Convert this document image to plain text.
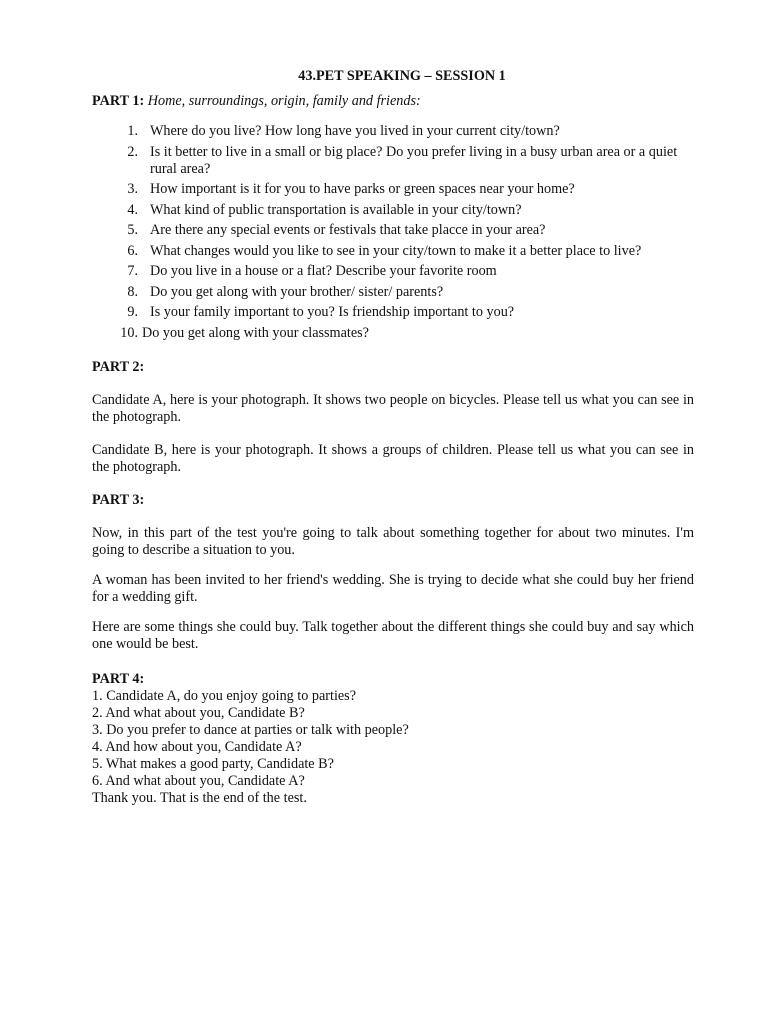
43.PET SPEAKING – SESSION 1

PART 1: Home, surroundings, origin, family and friends:

1. Where do you live? How long have you lived in your current city/town?
2. Is it better to live in a small or big place? Do you prefer living in a busy urban area or a quiet rural area?
3. How important is it for you to have parks or green spaces near your home?
4. What kind of public transportation is available in your city/town?
5. Are there any special events or festivals that take placce in your area?
6. What changes would you like to see in your city/town to make it a better place to live?
7. Do you live in a house or a flat? Describe your favorite room
8. Do you get along with your brother/ sister/ parents?
9. Is your family important to you? Is friendship important to you?
10. Do you get along with your classmates?

PART 2:

Candidate A, here is your photograph. It shows two people on bicycles. Please tell us what you can see in the photograph.

Candidate B, here is your photograph. It shows a groups of children. Please tell us what you can see in the photograph.

PART 3:

Now, in this part of the test you're going to talk about something together for about two minutes. I'm going to describe a situation to you.

A woman has been invited to her friend's wedding. She is trying to decide what she could buy her friend for a wedding gift.

Here are some things she could buy. Talk together about the different things she could buy and say which one would be best.

PART 4:

1. Candidate A, do you enjoy going to parties?

2. And what about you, Candidate B?

3. Do you prefer to dance at parties or talk with people?

4. And how about you, Candidate A?

5. What makes a good party, Candidate B?

6. And what about you, Candidate A?

Thank you. That is the end of the test.
